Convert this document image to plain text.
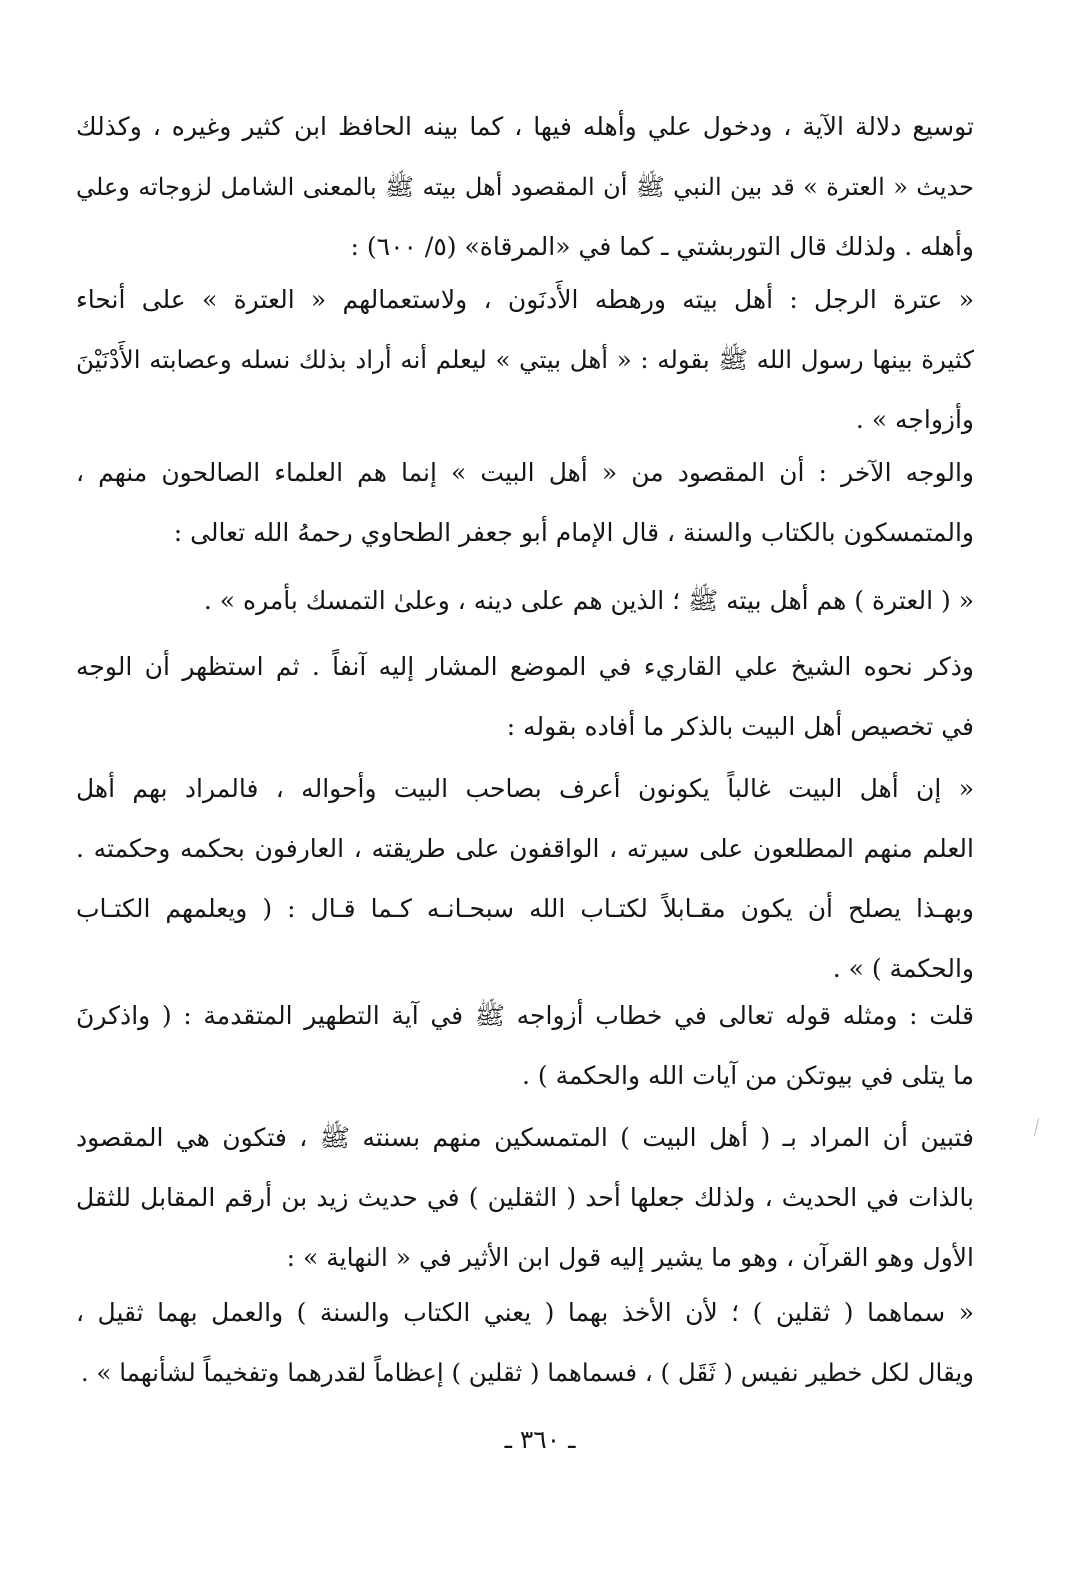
توسيع دلالة الآية ، ودخول علي وأهله فيها ، كما بينه الحافظ ابن كثير وغيره ، وكذلك
حديث « العترة » قد بين النبي ﷺ أن المقصود أهل بيته ﷺ بالمعنى الشامل لزوجاته وعلي
وأهله . ولذلك قال التوربشتي ـ كما في «المرقاة» (٥/ ٦٠٠) :
« عترة الرجل : أهل بيته ورهطه الأَدنَون ، ولاستعمالهم « العترة » على أنحاء
كثيرة بينها رسول الله ﷺ بقوله : « أهل بيتي » ليعلم أنه أراد بذلك نسله وعصابته الأَدْنَيْنَ
وأزواجه » .
والوجه الآخر : أن المقصود من « أهل البيت » إنما هم العلماء الصالحون منهم ،
والمتمسكون بالكتاب والسنة ، قال الإمام أبو جعفر الطحاوي رحمهُ الله تعالى :
« ( العترة ) هم أهل بيته ﷺ ؛ الذين هم على دينه ، وعلىٰ التمسك بأمره » .
وذكر نحوه الشيخ علي القاريء في الموضع المشار إليه آنفاً . ثم استظهر أن الوجه
في تخصيص أهل البيت بالذكر ما أفاده بقوله :
« إن أهل البيت غالباً يكونون أعرف بصاحب البيت وأحواله ، فالمراد بهم أهل
العلم منهم المطلعون على سيرته ، الواقفون على طريقته ، العارفون بحكمه وحكمته .
وبهـذا يصلح أن يكون مقـابلاً لكتـاب الله سبحـانـه كـما قـال : ( ويعلمهم الكتـاب
والحكمة ) » .
قلت : ومثله قوله تعالى في خطاب أزواجه ﷺ في آية التطهير المتقدمة : ( واذكرنَ
ما يتلى في بيوتكن من آيات الله والحكمة ) .
فتبين أن المراد بـ ( أهل البيت ) المتمسكين منهم بسنته ﷺ ، فتكون هي المقصود
بالذات في الحديث ، ولذلك جعلها أحد ( الثقلين ) في حديث زيد بن أرقم المقابل للثقل
الأول وهو القرآن ، وهو ما يشير إليه قول ابن الأثير في « النهاية » :
« سماهما ( ثقلين ) ؛ لأن الأخذ بهما ( يعني الكتاب والسنة ) والعمل بهما ثقيل ،
ويقال لكل خطير نفيس ( ثَقَل ) ، فسماهما ( ثقلين ) إعظاماً لقدرهما وتفخيماً لشأنهما » .
ـ ٣٦٠ ـ
